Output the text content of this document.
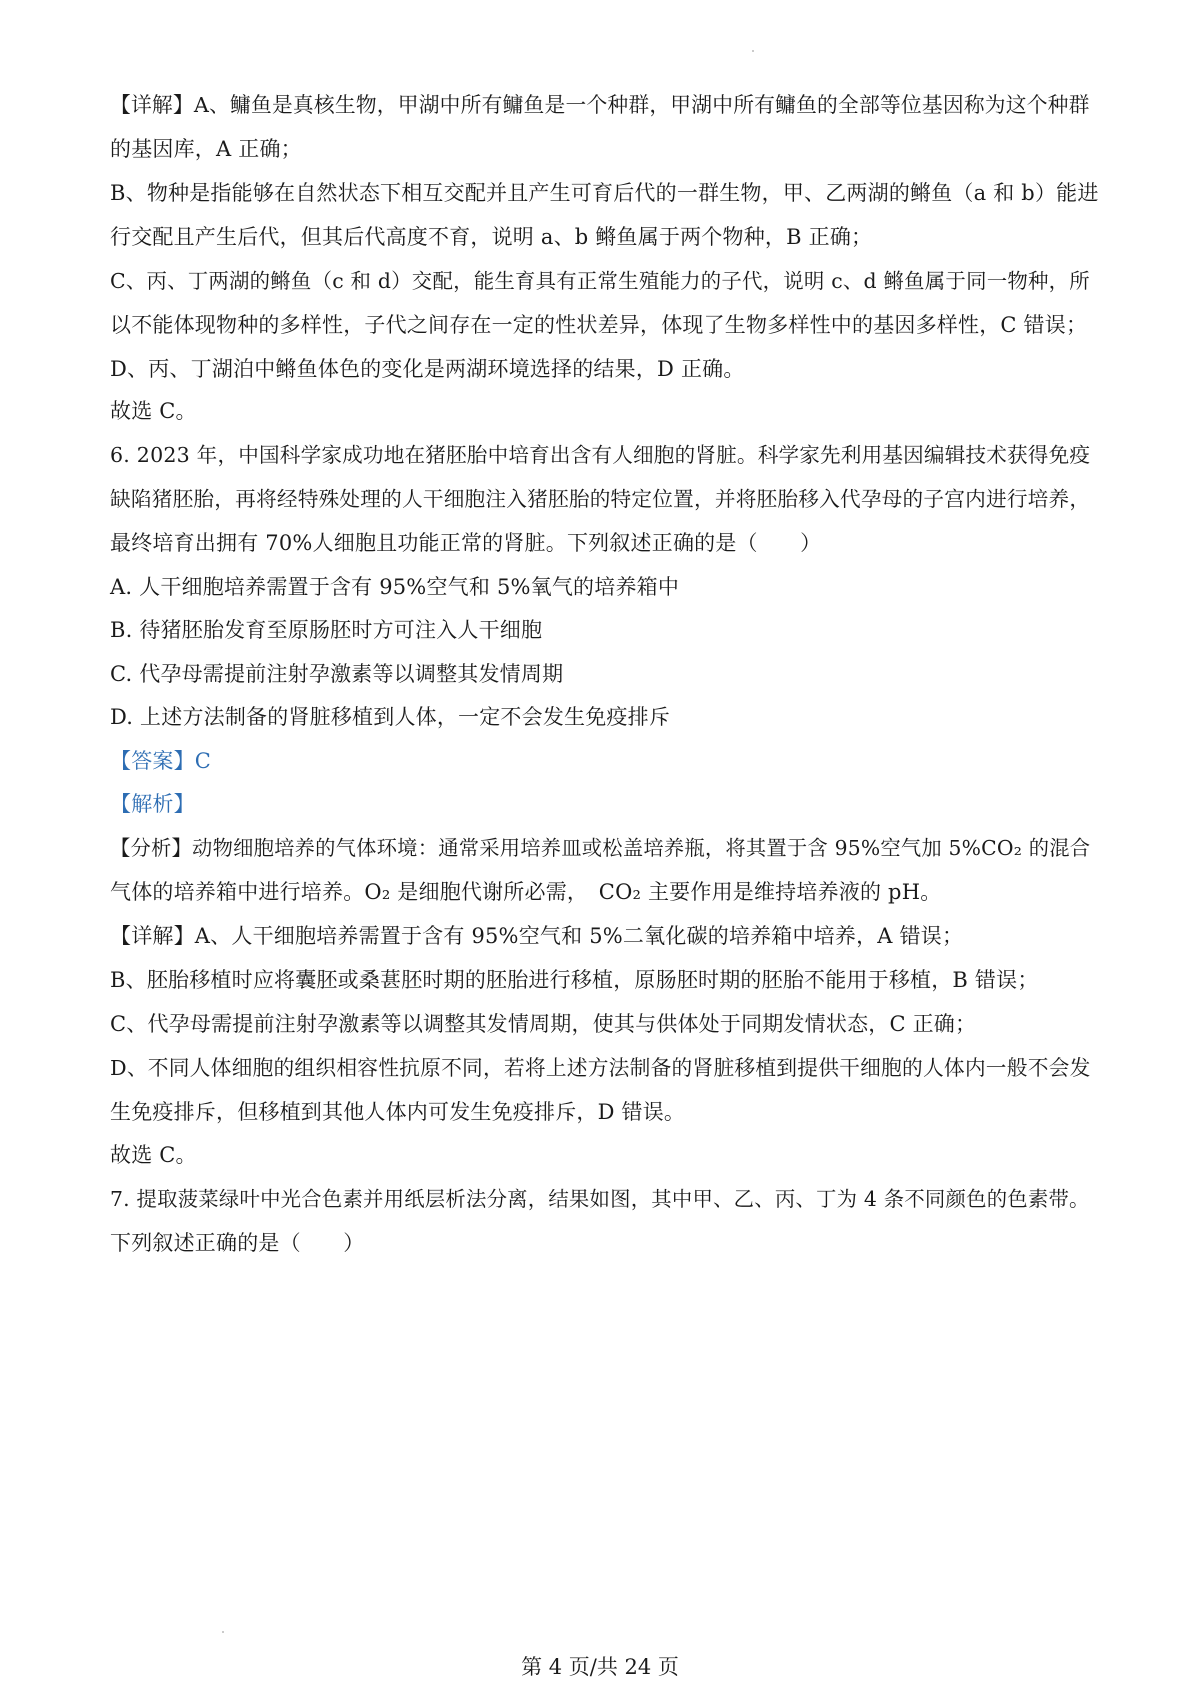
【详解】A、鳙鱼是真核生物，甲湖中所有鳙鱼是一个种群，甲湖中所有鳙鱼的全部等位基因称为这个种群
的基因库，A 正确；
B、物种是指能够在自然状态下相互交配并且产生可育后代的一群生物，甲、乙两湖的鳉鱼（a 和 b）能进
行交配且产生后代，但其后代高度不育，说明 a、b 鳉鱼属于两个物种，B 正确；
C、丙、丁两湖的鳉鱼（c 和 d）交配，能生育具有正常生殖能力的子代，说明 c、d 鳉鱼属于同一物种，所
以不能体现物种的多样性，子代之间存在一定的性状差异，体现了生物多样性中的基因多样性，C 错误；
D、丙、丁湖泊中鳉鱼体色的变化是两湖环境选择的结果，D 正确。
故选 C。
6. 2023 年，中国科学家成功地在猪胚胎中培育出含有人细胞的肾脏。科学家先利用基因编辑技术获得免疫
缺陷猪胚胎，再将经特殊处理的人干细胞注入猪胚胎的特定位置，并将胚胎移入代孕母的子宫内进行培养，
最终培育出拥有 70%人细胞且功能正常的肾脏。下列叙述正确的是（　　）
A. 人干细胞培养需置于含有 95%空气和 5%氧气的培养箱中
B. 待猪胚胎发育至原肠胚时方可注入人干细胞
C. 代孕母需提前注射孕激素等以调整其发情周期
D. 上述方法制备的肾脏移植到人体，一定不会发生免疫排斥
【答案】C
【解析】
【分析】动物细胞培养的气体环境：通常采用培养皿或松盖培养瓶，将其置于含 95%空气加 5%CO₂ 的混合
气体的培养箱中进行培养。O₂ 是细胞代谢所必需，　CO₂ 主要作用是维持培养液的 pH。
【详解】A、人干细胞培养需置于含有 95%空气和 5%二氧化碳的培养箱中培养，A 错误；
B、胚胎移植时应将囊胚或桑葚胚时期的胚胎进行移植，原肠胚时期的胚胎不能用于移植，B 错误；
C、代孕母需提前注射孕激素等以调整其发情周期，使其与供体处于同期发情状态，C 正确；
D、不同人体细胞的组织相容性抗原不同，若将上述方法制备的肾脏移植到提供干细胞的人体内一般不会发
生免疫排斥，但移植到其他人体内可发生免疫排斥，D 错误。
故选 C。
7. 提取菠菜绿叶中光合色素并用纸层析法分离，结果如图，其中甲、乙、丙、丁为 4 条不同颜色的色素带。
下列叙述正确的是（　　）
第 4 页/共 24 页
